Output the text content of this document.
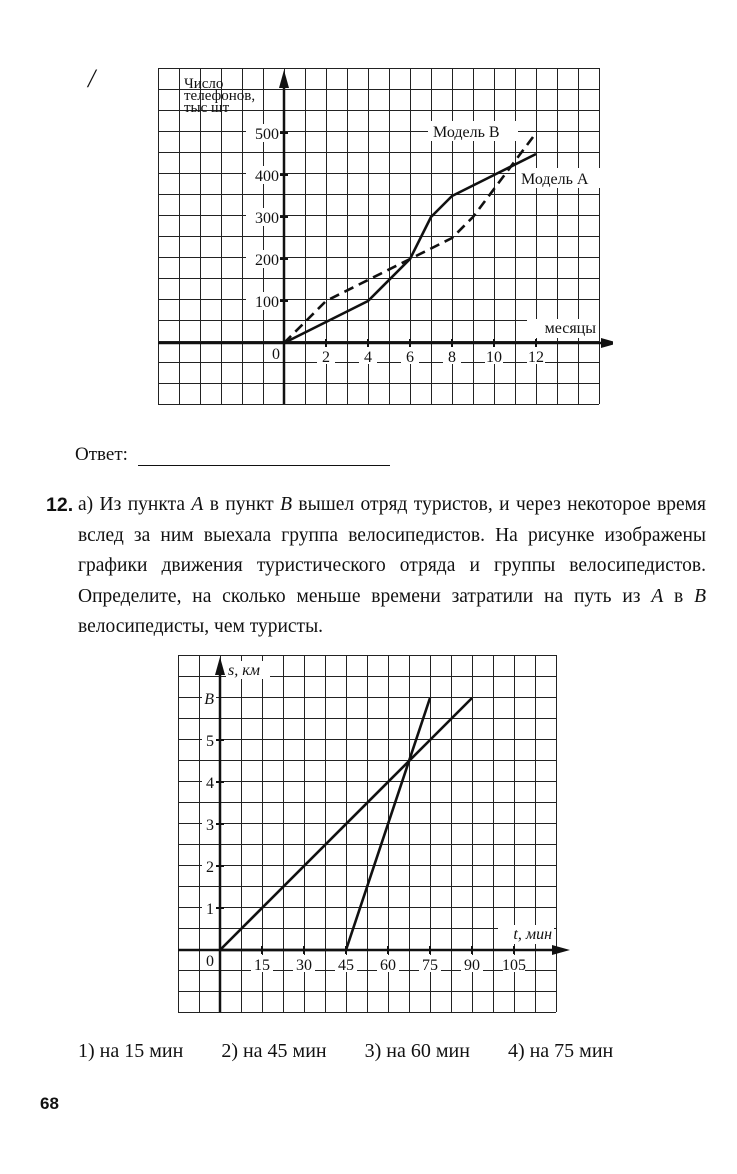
/	Число
телефонов,
тыс шт
месяцы
0	2 4 6 8 10 12
100
200
300
400
500	Модель В
Модель А
Ответ:
12. а) Из пункта A в пункт B вышел отряд туристов, и через некоторое время вслед за ним выехала группа велосипедистов. На рисунке изображены графики движения туристического отряда и группы велосипедистов. Определите, на сколько меньше времени затратили на путь из A в B велосипедисты, чем туристы.
s, км
t, мин
0	15 30 45 60 75 90 105
1
2
3
4
5
B
1) на 15 мин 2) на 45 мин 3) на 60 мин 4) на 75 мин
68
